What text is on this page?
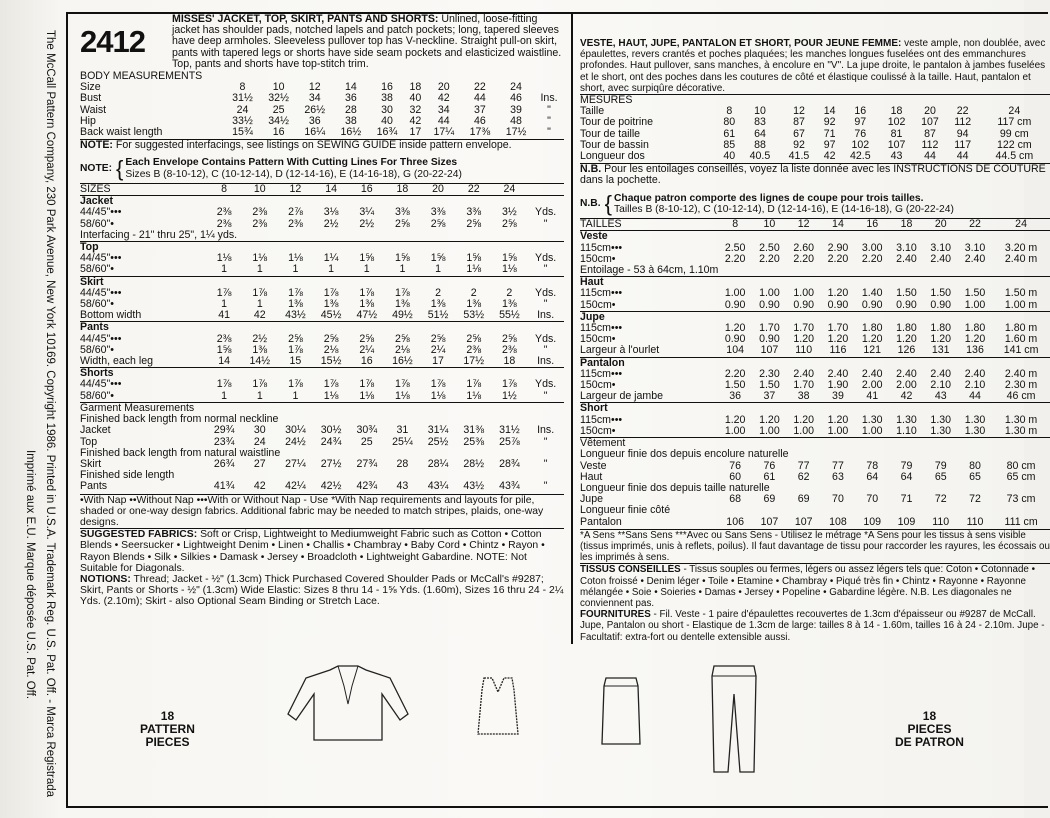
The McCall Pattern Company, 230 Park Avenue, New York 10169. Copyright 1986. Printed in U.S.A. Trademark Reg. U.S. Pat. Off. - Marca Registrada
Imprimé aux E.U. Marque déposée U.S. Pat. Off.
2412
MISSES' JACKET, TOP, SKIRT, PANTS AND SHORTS: Unlined, loose-fitting jacket has shoulder pads, notched lapels and patch pockets; long, tapered sleeves have deep armholes. Sleeveless pullover top has V-neckline. Straight pull-on skirt, pants with tapered legs or shorts have side seam pockets and elasticized waistline. Top, pants and shorts have top-stitch trim.
BODY MEASUREMENTS
Size	8	10	12	14	16	18	20	22	24	
Bust	31½	32½	34	36	38	40	42	44	46	Ins.
Waist	24	25	26½	28	30	32	34	37	39	"
Hip	33½	34½	36	38	40	42	44	46	48	"
Back waist length	15¾	16	16¼	16½	16¾	17	17¼	17⅜	17½	"
NOTE: For suggested interfacings, see listings on SEWING GUIDE inside pattern envelope.
NOTE: { Each Envelope Contains Pattern With Cutting Lines For Three Sizes
Sizes B (8-10-12), C (10-12-14), D (12-14-16), E (14-16-18), G (20-22-24)
SIZES	8	10	12	14	16	18	20	22	24	
Jacket										
44/45"•••	2⅜	2⅜	2⅞	3⅛	3¼	3⅜	3⅜	3⅜	3½	Yds.
58/60"•	2⅜	2⅜	2⅜	2½	2½	2⅝	2⅝	2⅝	2⅝	"
Interfacing - 21" thru 25", 1¼ yds.										
Top										
44/45"•••	1⅛	1⅛	1⅛	1¼	1⅝	1⅝	1⅝	1⅝	1⅝	Yds.
58/60"•	1	1	1	1	1	1	1	1⅛	1⅛	"
Skirt										
44/45"•••	1⅞	1⅞	1⅞	1⅞	1⅞	1⅞	2	2	2	Yds.
58/60"•	1	1	1⅜	1⅜	1⅜	1⅜	1⅜	1⅜	1⅜	"
Bottom width	41	42	43½	45½	47½	49½	51½	53½	55½	Ins.
Pants										
44/45"•••	2⅜	2½	2⅝	2⅝	2⅝	2⅝	2⅝	2⅝	2⅝	Yds.
58/60"•	1⅝	1⅜	1⅞	2⅛	2¼	2⅛	2¼	2⅜	2⅜	"
Width, each leg	14	14½	15	15½	16	16½	17	17½	18	Ins.
Shorts										
44/45"•••	1⅞	1⅞	1⅞	1⅞	1⅞	1⅞	1⅞	1⅞	1⅞	Yds.
58/60"•	1	1	1	1⅛	1⅛	1⅛	1⅛	1⅛	1½	"
Garment Measurements										
Finished back length from normal neckline										
Jacket	29¾	30	30¼	30½	30¾	31	31¼	31⅜	31½	Ins.
Top	23¾	24	24½	24¾	25	25¼	25½	25⅜	25⅞	"
Finished back length from natural waistline										
Skirt	26¾	27	27¼	27½	27¾	28	28¼	28½	28¾	"
Finished side length										
Pants	41¾	42	42¼	42½	42¾	43	43¼	43½	43¾	"
•With Nap ••Without Nap •••With or Without Nap - Use *With Nap requirements and layouts for pile, shaded or one-way design fabrics. Additional fabric may be needed to match stripes, plaids, one-way designs.
SUGGESTED FABRICS: Soft or Crisp, Lightweight to Mediumweight Fabric such as Cotton • Cotton Blends • Seersucker • Lightweight Denim • Linen • Challis • Chambray • Baby Cord • Chintz • Rayon • Rayon Blends • Silk • Silkies • Damask • Jersey • Broadcloth • Lightweight Gabardine. NOTE: Not Suitable for Diagonals.
NOTIONS: Thread; Jacket - ½" (1.3cm) Thick Purchased Covered Shoulder Pads or McCall's #9287; Skirt, Pants or Shorts - ½" (1.3cm) Wide Elastic: Sizes 8 thru 14 - 1⅝ Yds. (1.60m), Sizes 16 thru 24 - 2¼ Yds. (2.10m); Skirt - also Optional Seam Binding or Stretch Lace.
VESTE, HAUT, JUPE, PANTALON ET SHORT, POUR JEUNE FEMME: veste ample, non doublée, avec épaulettes, revers crantés et poches plaquées; les manches longues fuselées ont des emmanchures profondes. Haut pullover, sans manches, à encolure en "V". La jupe droite, le pantalon à jambes fuselées et le short, ont des poches dans les coutures de côté et élastique coulissé à la taille. Haut, pantalon et short, avec surpiqûre décorative.
MESURES
Taille	8	10	12	14	16	18	20	22	24
Tour de poitrine	80	83	87	92	97	102	107	112	117 cm
Tour de taille	61	64	67	71	76	81	87	94	99 cm
Tour de bassin	85	88	92	97	102	107	112	117	122 cm
Longueur dos	40	40.5	41.5	42	42.5	43	44	44	44.5 cm
N.B. Pour les entoilages conseillés, voyez la liste donnée avec les INSTRUCTIONS DE COUTURE dans la pochette.
N.B. { Chaque patron comporte des lignes de coupe pour trois tailles.
Tailles B (8-10-12), C (10-12-14), D (12-14-16), E (14-16-18), G (20-22-24)
TAILLES	8	10	12	14	16	18	20	22	24
Veste									
115cm•••	2.50	2.50	2.60	2.90	3.00	3.10	3.10	3.10	3.20 m
150cm•	2.20	2.20	2.20	2.20	2.20	2.40	2.40	2.40	2.40 m
Entoilage - 53 à 64cm, 1.10m									
Haut									
115cm•••	1.00	1.00	1.00	1.20	1.40	1.50	1.50	1.50	1.50 m
150cm•	0.90	0.90	0.90	0.90	0.90	0.90	0.90	1.00	1.00 m
Jupe									
115cm•••	1.20	1.70	1.70	1.70	1.80	1.80	1.80	1.80	1.80 m
150cm•	0.90	0.90	1.20	1.20	1.20	1.20	1.20	1.20	1.60 m
Largeur à l'ourlet	104	107	110	116	121	126	131	136	141 cm
Pantalon									
115cm•••	2.20	2.30	2.40	2.40	2.40	2.40	2.40	2.40	2.40 m
150cm•	1.50	1.50	1.70	1.90	2.00	2.00	2.10	2.10	2.30 m
Largeur de jambe	36	37	38	39	41	42	43	44	46 cm
Short									
115cm•••	1.20	1.20	1.20	1.20	1.30	1.30	1.30	1.30	1.30 m
150cm•	1.00	1.00	1.00	1.00	1.00	1.10	1.30	1.30	1.30 m
Vêtement									
Longueur finie dos depuis encolure naturelle									
Veste	76	76	77	77	78	79	79	80	80 cm
Haut	60	61	62	63	64	64	65	65	65 cm
Longueur finie dos depuis taille naturelle									
Jupe	68	69	69	70	70	71	72	72	73 cm
Longueur finie côté									
Pantalon	106	107	107	108	109	109	110	110	111 cm
*A Sens **Sans Sens ***Avec ou Sans Sens - Utilisez le métrage *A Sens pour les tissus à sens visible (tissus imprimés, unis à reflets, poilus). Il faut davantage de tissu pour raccorder les rayures, les écossais ou les imprimés à sens.
TISSUS CONSEILLÉS - Tissus souples ou fermes, légers ou assez légers tels que: Coton • Cotonnade • Coton froissé • Denim léger • Toile • Etamine • Chambray • Piqué très fin • Chintz • Rayonne • Rayonne mélangée • Soie • Soieries • Damas • Jersey • Popeline • Gabardine légère. N.B. Les diagonales ne conviennent pas.
FOURNITURES - Fil. Veste - 1 paire d'épaulettes recouvertes de 1.3cm d'épaisseur ou #9287 de McCall. Jupe, Pantalon ou short - Elastique de 1.3cm de large: tailles 8 à 14 - 1.60m, tailles 16 à 24 - 2.10m. Jupe - Facultatif: extra-fort ou dentelle extensible aussi.
18
PATTERN
PIECES
18
PIECES
DE PATRON
